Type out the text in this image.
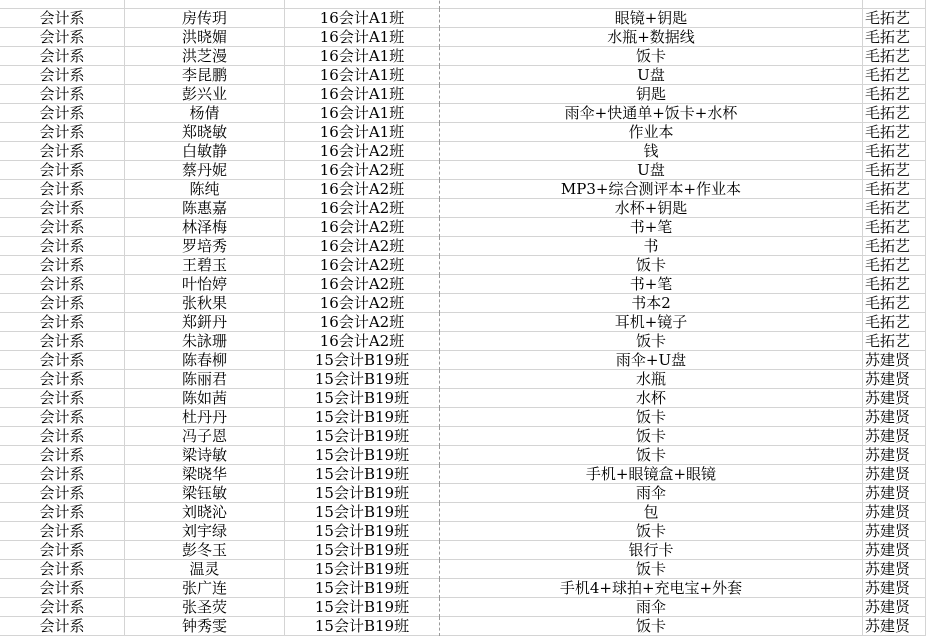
会计系	房传玥	16会计A1班	眼镜+钥匙	毛拓艺
会计系	洪晓媚	16会计A1班	水瓶+数据线	毛拓艺
会计系	洪芝漫	16会计A1班	饭卡	毛拓艺
会计系	李昆鹏	16会计A1班	U盘	毛拓艺
会计系	彭兴业	16会计A1班	钥匙	毛拓艺
会计系	杨倩	16会计A1班	雨伞+快通单+饭卡+水杯	毛拓艺
会计系	郑晓敏	16会计A1班	作业本	毛拓艺
会计系	白敏静	16会计A2班	钱	毛拓艺
会计系	蔡丹妮	16会计A2班	U盘	毛拓艺
会计系	陈纯	16会计A2班	MP3+综合测评本+作业本	毛拓艺
会计系	陈惠嘉	16会计A2班	水杯+钥匙	毛拓艺
会计系	林泽梅	16会计A2班	书+笔	毛拓艺
会计系	罗培秀	16会计A2班	书	毛拓艺
会计系	王碧玉	16会计A2班	饭卡	毛拓艺
会计系	叶怡婷	16会计A2班	书+笔	毛拓艺
会计系	张秋果	16会计A2班	书本2	毛拓艺
会计系	郑鈃丹	16会计A2班	耳机+镜子	毛拓艺
会计系	朱詠珊	16会计A2班	饭卡	毛拓艺
会计系	陈春柳	15会计B19班	雨伞+U盘	苏建贤
会计系	陈丽君	15会计B19班	水瓶	苏建贤
会计系	陈如茜	15会计B19班	水杯	苏建贤
会计系	杜丹丹	15会计B19班	饭卡	苏建贤
会计系	冯子恩	15会计B19班	饭卡	苏建贤
会计系	梁诗敏	15会计B19班	饭卡	苏建贤
会计系	梁晓华	15会计B19班	手机+眼镜盒+眼镜	苏建贤
会计系	梁钰敏	15会计B19班	雨伞	苏建贤
会计系	刘晓沁	15会计B19班	包	苏建贤
会计系	刘宇绿	15会计B19班	饭卡	苏建贤
会计系	彭冬玉	15会计B19班	银行卡	苏建贤
会计系	温灵	15会计B19班	饭卡	苏建贤
会计系	张广连	15会计B19班	手机4+球拍+充电宝+外套	苏建贤
会计系	张圣荧	15会计B19班	雨伞	苏建贤
会计系	钟秀雯	15会计B19班	饭卡	苏建贤
